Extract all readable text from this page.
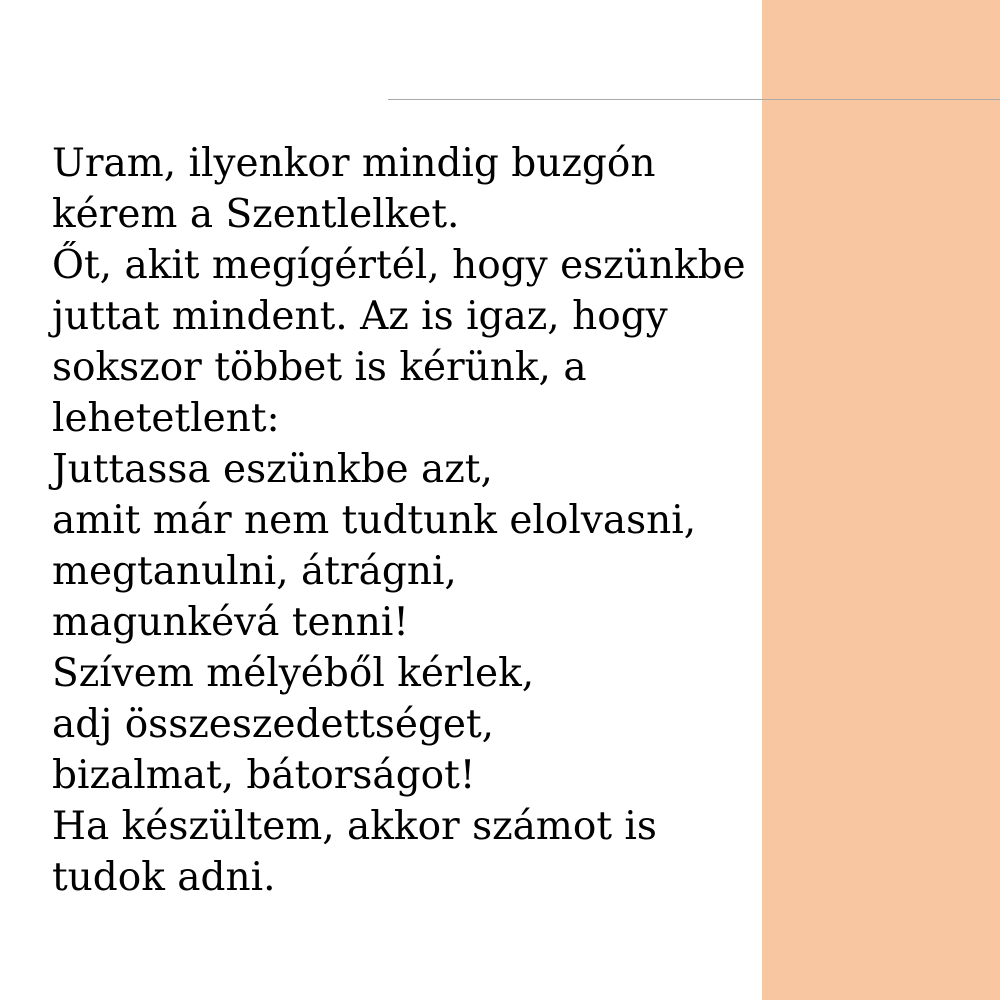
Uram, ilyenkor mindig buzgón
kérem a Szentlelket.
Őt, akit megígértél, hogy eszünkbe
juttat mindent. Az is igaz, hogy
sokszor többet is kérünk, a
lehetetlent:
Juttassa eszünkbe azt,
amit már nem tudtunk elolvasni,
megtanulni, átrágni,
magunkévá tenni!
Szívem mélyéből kérlek,
adj összeszedettséget,
bizalmat, bátorságot!
Ha készültem, akkor számot is
tudok adni.
